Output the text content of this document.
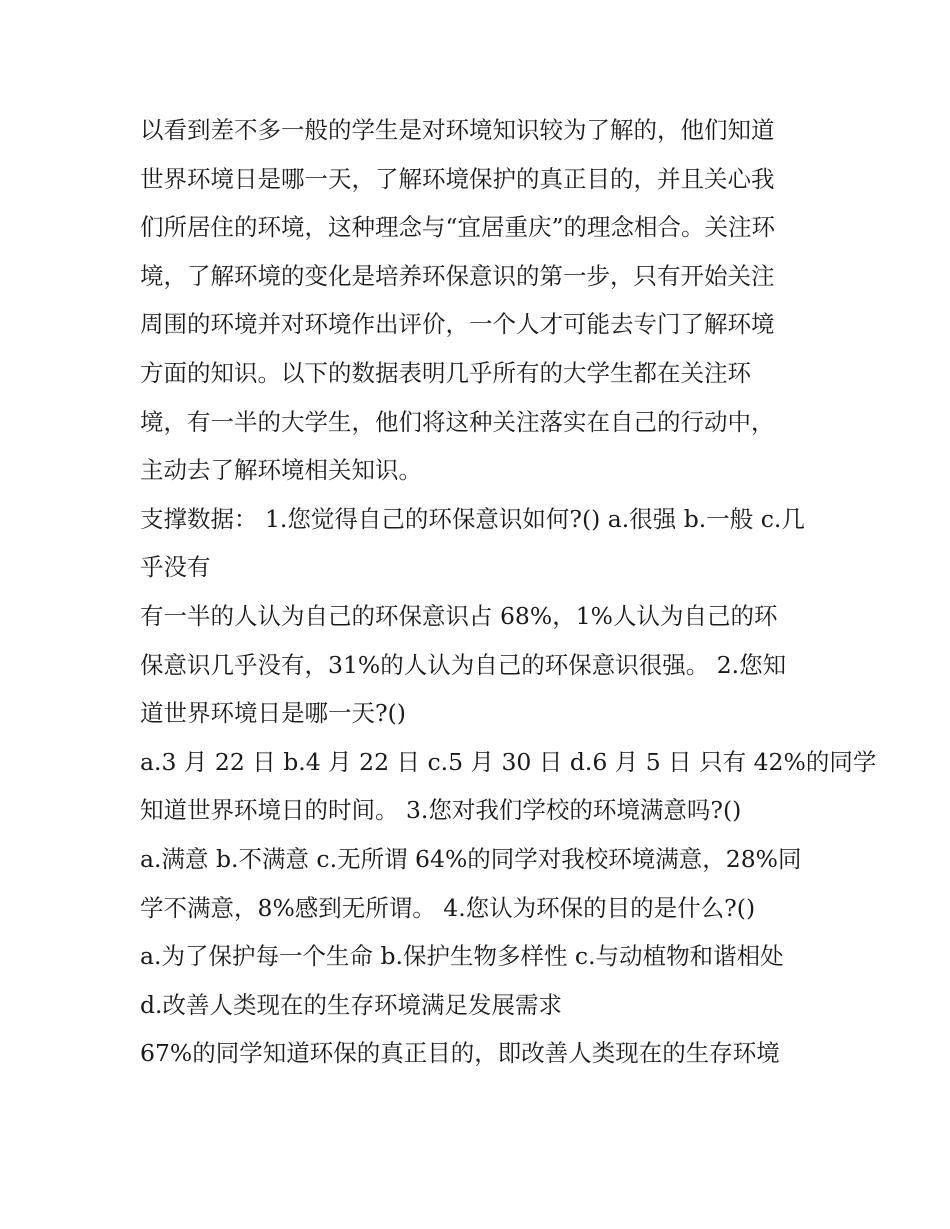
以看到差不多一般的学生是对环境知识较为了解的，他们知道
世界环境日是哪一天，了解环境保护的真正目的，并且关心我
们所居住的环境，这种理念与“宜居重庆”的理念相合。关注环
境，了解环境的变化是培养环保意识的第一步，只有开始关注
周围的环境并对环境作出评价，一个人才可能去专门了解环境
方面的知识。以下的数据表明几乎所有的大学生都在关注环
境，有一半的大学生，他们将这种关注落实在自己的行动中，
主动去了解环境相关知识。
支撑数据： 1.您觉得自己的环保意识如何?() a.很强 b.一般 c.几
乎没有
有一半的人认为自己的环保意识占 68%，1%人认为自己的环
保意识几乎没有，31%的人认为自己的环保意识很强。 2.您知
道世界环境日是哪一天?()
a.3 月 22 日 b.4 月 22 日 c.5 月 30 日 d.6 月 5 日 只有 42%的同学
知道世界环境日的时间。 3.您对我们学校的环境满意吗?()
a.满意 b.不满意 c.无所谓 64%的同学对我校环境满意，28%同
学不满意，8%感到无所谓。 4.您认为环保的目的是什么?()
a.为了保护每一个生命 b.保护生物多样性 c.与动植物和谐相处
d.改善人类现在的生存环境满足发展需求
67%的同学知道环保的真正目的，即改善人类现在的生存环境
